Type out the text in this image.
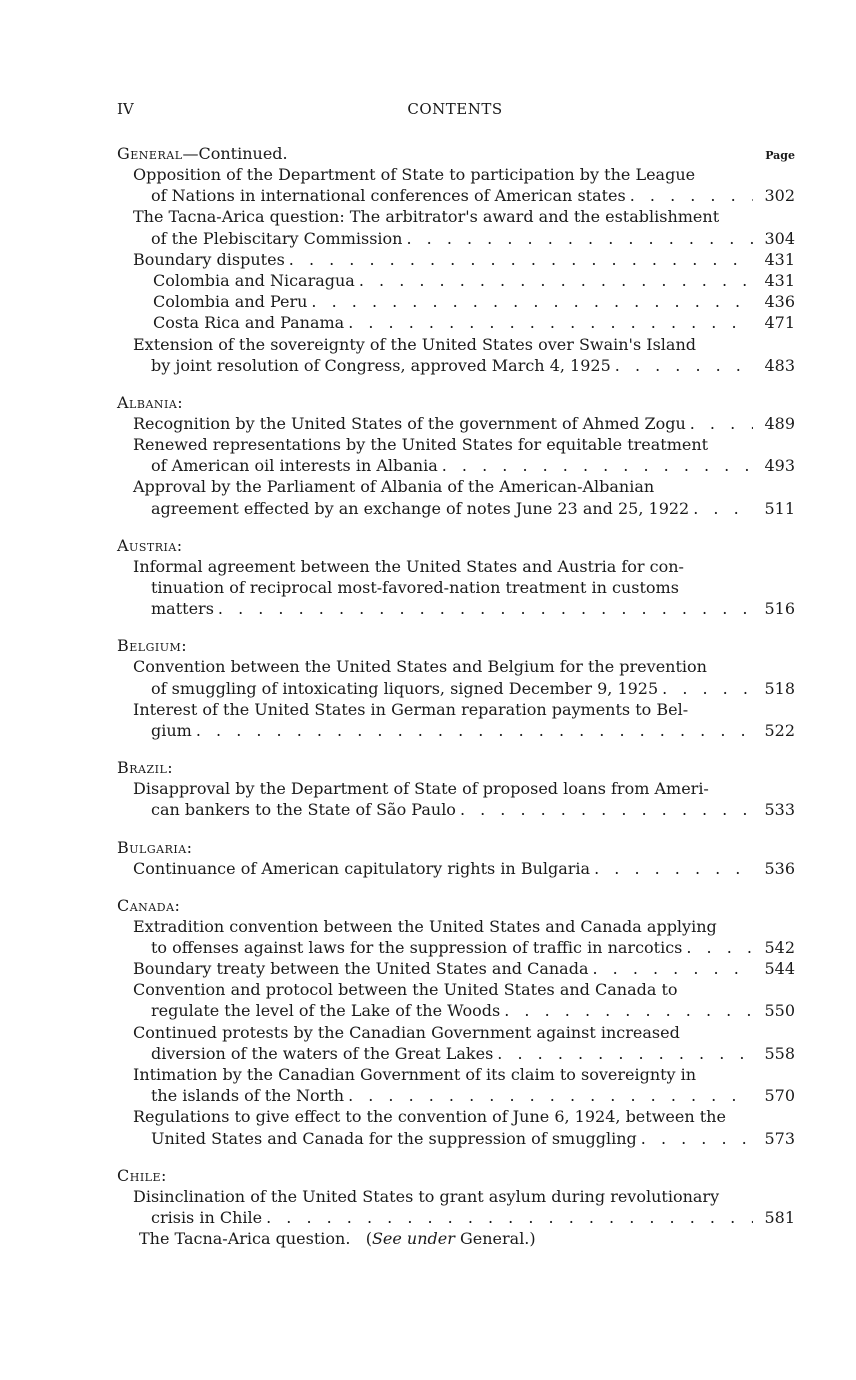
IV	CONTENTS
General—Continued.	Page
Opposition of the Department of State to participation by the League
of Nations in international conferences of American states . . .	302
The Tacna-Arica question: The arbitrator's award and the establishment
of the Plebiscitary Commission . . .	304
Boundary disputes . . .	431
Colombia and Nicaragua . . .	431
Colombia and Peru . . .	436
Costa Rica and Panama . . .	471
Extension of the sovereignty of the United States over Swain's Island
by joint resolution of Congress, approved March 4, 1925 . . .	483
Albania:
Recognition by the United States of the government of Ahmed Zogu . . .	489
Renewed representations by the United States for equitable treatment
of American oil interests in Albania . . .	493
Approval by the Parliament of Albania of the American-Albanian
agreement effected by an exchange of notes June 23 and 25, 1922 . . .	511
Austria:
Informal agreement between the United States and Austria for con-
tinuation of reciprocal most-favored-nation treatment in customs
matters . . .	516
Belgium:
Convention between the United States and Belgium for the prevention
of smuggling of intoxicating liquors, signed December 9, 1925 . . .	518
Interest of the United States in German reparation payments to Bel-
gium . . .	522
Brazil:
Disapproval by the Department of State of proposed loans from Ameri-
can bankers to the State of São Paulo . . .	533
Bulgaria:
Continuance of American capitulatory rights in Bulgaria . . .	536
Canada:
Extradition convention between the United States and Canada applying
to offenses against laws for the suppression of traffic in narcotics . . .	542
Boundary treaty between the United States and Canada . . .	544
Convention and protocol between the United States and Canada to
regulate the level of the Lake of the Woods . . .	550
Continued protests by the Canadian Government against increased
diversion of the waters of the Great Lakes . . .	558
Intimation by the Canadian Government of its claim to sovereignty in
the islands of the North . . .	570
Regulations to give effect to the convention of June 6, 1924, between the
United States and Canada for the suppression of smuggling . . .	573
Chile:
Disinclination of the United States to grant asylum during revolutionary
crisis in Chile . . .	581
The Tacna-Arica question. (See under General.)
